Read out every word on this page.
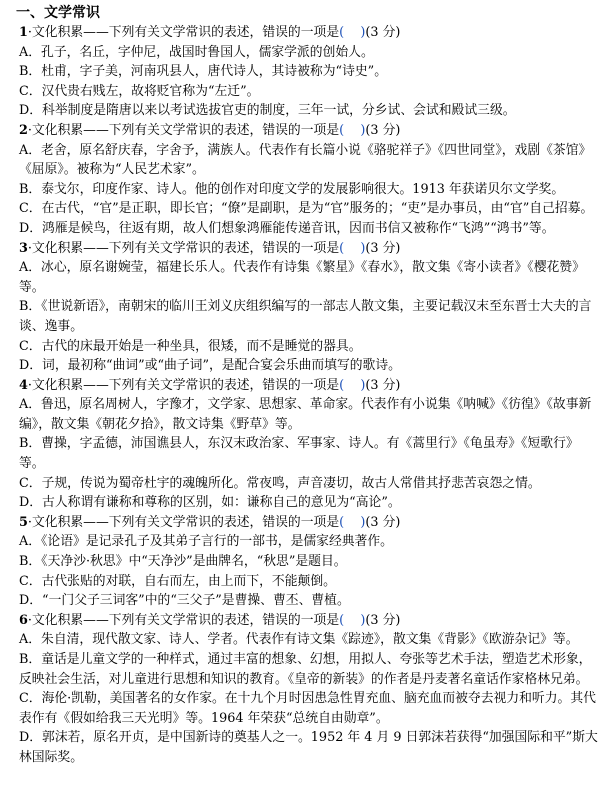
一、文学常识

1·文化积累——下列有关文学常识的表述，错误的一项是(    )(3 分)

A．孔子，名丘，字仲尼，战国时鲁国人，儒家学派的创始人。

B．杜甫，字子美，河南巩县人，唐代诗人，其诗被称为“诗史”。

C．汉代贵右贱左，故将贬官称为“左迁”。

D．科举制度是隋唐以来以考试选拔官吏的制度，三年一试，分乡试、会试和殿试三级。

2·文化积累——下列有关文学常识的表述，错误的一项是(    )(3 分)

A．老舍，原名舒庆春，字舍予，满族人。代表作有长篇小说《骆驼祥子》《四世同堂》，戏剧《茶馆》《屈原》。被称为“人民艺术家”。

B．泰戈尔，印度作家、诗人。他的创作对印度文学的发展影响很大。1913 年获诺贝尔文学奖。

C．在古代，“官”是正职，即长官；“僚”是副职，是为“官”服务的；“吏”是办事员，由“官”自己招募。

D．鸿雁是候鸟，往返有期，故人们想象鸿雁能传递音讯，因而书信又被称作“飞鸿”“鸿书”等。

3·文化积累——下列有关文学常识的表述，错误的一项是(    )(3 分)

A．冰心，原名谢婉莹，福建长乐人。代表作有诗集《繁星》《春水》，散文集《寄小读者》《樱花赞》等。

B．《世说新语》，南朝宋的临川王刘义庆组织编写的一部志人散文集，主要记载汉末至东晋士大夫的言谈、逸事。

C．古代的床最开始是一种坐具，很矮，而不是睡觉的器具。

D．词，最初称“曲词”或“曲子词”，是配合宴会乐曲而填写的歌诗。

4·文化积累——下列有关文学常识的表述，错误的一项是(    )(3 分)

A．鲁迅，原名周树人，字豫才，文学家、思想家、革命家。代表作有小说集《呐喊》《彷徨》《故事新编》，散文集《朝花夕拾》，散文诗集《野草》等。

B．曹操，字孟德，沛国谯县人，东汉末政治家、军事家、诗人。有《蒿里行》《龟虽寿》《短歌行》等。

C．子规，传说为蜀帝杜宇的魂魄所化。常夜鸣，声音凄切，故古人常借其抒悲苦哀怨之情。

D．古人称谓有谦称和尊称的区别，如：谦称自己的意见为“高论”。

5·文化积累——下列有关文学常识的表述，错误的一项是(    )(3 分)

A．《论语》是记录孔子及其弟子言行的一部书，是儒家经典著作。

B．《天净沙·秋思》中“天净沙”是曲牌名，“秋思”是题目。

C．古代张贴的对联，自右而左，由上而下，不能颠倒。

D．“一门父子三词客”中的“三父子”是曹操、曹丕、曹植。

6·文化积累——下列有关文学常识的表述，错误的一项是(    )(3 分)

A．朱自清，现代散文家、诗人、学者。代表作有诗文集《踪迹》，散文集《背影》《欧游杂记》等。

B．童话是儿童文学的一种样式，通过丰富的想象、幻想，用拟人、夸张等艺术手法，塑造艺术形象，反映社会生活，对儿童进行思想和知识的教育。《皇帝的新装》的作者是丹麦著名童话作家格林兄弟。

C．海伦·凯勒，美国著名的女作家。在十九个月时因患急性胃充血、脑充血而被夺去视力和听力。其代表作有《假如给我三天光明》等。1964 年荣获“总统自由勋章”。

D．郭沫若，原名开贞，是中国新诗的奠基人之一。1952 年 4 月 9 日郭沫若获得“加强国际和平”斯大林国际奖。
